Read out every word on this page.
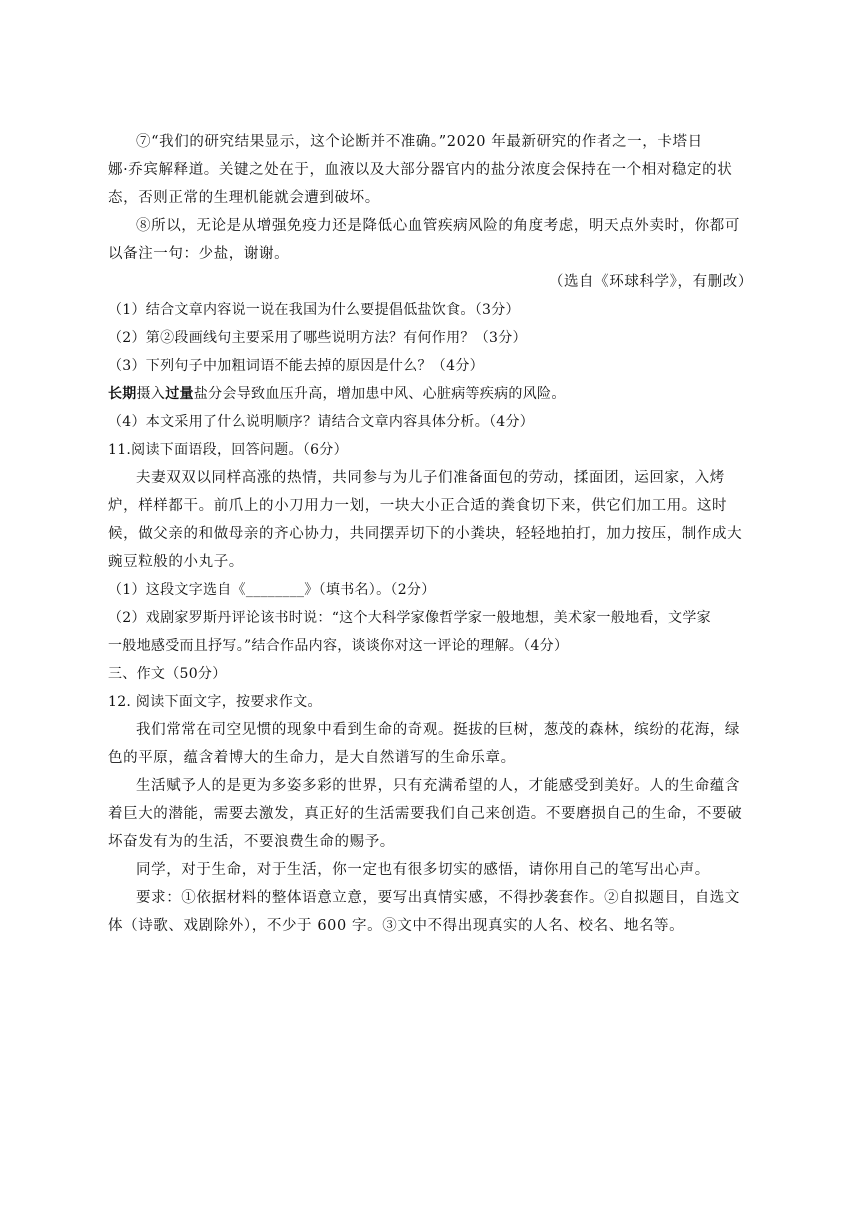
⑦“我们的研究结果显示，这个论断并不准确。”2020 年最新研究的作者之一，卡塔日
娜·乔宾解释道。关键之处在于，血液以及大部分器官内的盐分浓度会保持在一个相对稳定的状
态，否则正常的生理机能就会遭到破坏。
⑧所以，无论是从增强免疫力还是降低心血管疾病风险的角度考虑，明天点外卖时，你都可
以备注一句：少盐，谢谢。
（选自《环球科学》，有删改）
（1）结合文章内容说一说在我国为什么要提倡低盐饮食。（3分）
（2）第②段画线句主要采用了哪些说明方法？有何作用？（3分）
（3）下列句子中加粗词语不能去掉的原因是什么？（4分）
长期摄入过量盐分会导致血压升高，增加患中风、心脏病等疾病的风险。
（4）本文采用了什么说明顺序？请结合文章内容具体分析。（4分）
11.阅读下面语段，回答问题。（6分）
夫妻双双以同样高涨的热情，共同参与为儿子们准备面包的劳动，揉面团，运回家，入烤
炉，样样都干。前爪上的小刀用力一划，一块大小正合适的粪食切下来，供它们加工用。这时
候，做父亲的和做母亲的齐心协力，共同摆弄切下的小粪块，轻轻地拍打，加力按压，制作成大
豌豆粒般的小丸子。
（1）这段文字选自《________》（填书名）。（2分）
（2）戏剧家罗斯丹评论该书时说：“这个大科学家像哲学家一般地想，美术家一般地看，文学家
一般地感受而且抒写。”结合作品内容，谈谈你对这一评论的理解。（4分）
三、作文（50分）
12. 阅读下面文字，按要求作文。
我们常常在司空见惯的现象中看到生命的奇观。挺拔的巨树，葱茂的森林，缤纷的花海，绿
色的平原，蕴含着博大的生命力，是大自然谱写的生命乐章。
生活赋予人的是更为多姿多彩的世界，只有充满希望的人，才能感受到美好。人的生命蕴含
着巨大的潜能，需要去激发，真正好的生活需要我们自己来创造。不要磨损自己的生命，不要破
坏奋发有为的生活，不要浪费生命的赐予。
同学，对于生命，对于生活，你一定也有很多切实的感悟，请你用自己的笔写出心声。
要求：①依据材料的整体语意立意，要写出真情实感，不得抄袭套作。②自拟题目，自选文
体（诗歌、戏剧除外），不少于 600 字。③文中不得出现真实的人名、校名、地名等。
